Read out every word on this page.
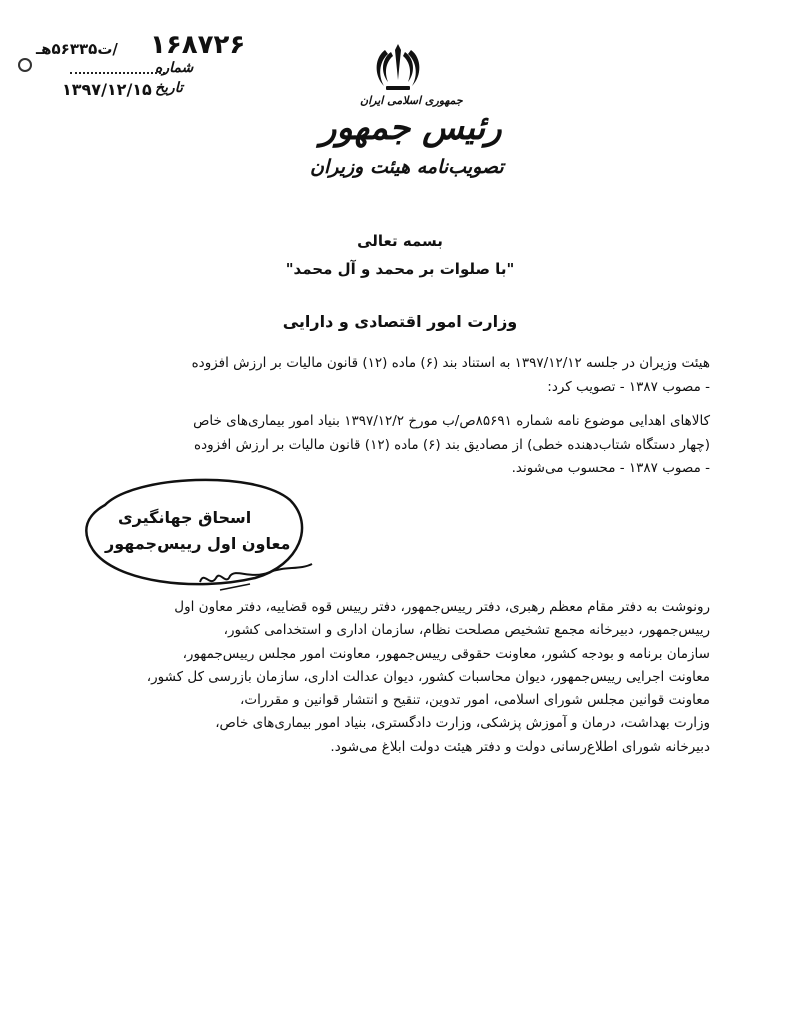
۱۶۸۷۲۶
/ت۵۶۳۳۵هـ
شماره
تاریخ
۱۳۹۷/۱۲/۱۵
جمهوری اسلامی ایران
رئیس جمهور
تصویب‌نامه هیئت وزیران
بسمه تعالی
"با صلوات بر محمد و آل محمد"
وزارت امور اقتصادی و دارایی
هیئت وزیران در جلسه ۱۳۹۷/۱۲/۱۲ به استناد بند (۶) ماده (۱۲) قانون مالیات بر ارزش افزوده
- مصوب ۱۳۸۷ - تصویب کرد:
کالاهای اهدایی موضوع نامه شماره ۸۵۶۹۱ص/ب مورخ ۱۳۹۷/۱۲/۲ بنیاد امور بیماری‌های خاص
(چهار دستگاه شتاب‌دهنده خطی) از مصادیق بند (۶) ماده (۱۲) قانون مالیات بر ارزش افزوده
- مصوب ۱۳۸۷ - محسوب می‌شوند.
اسحاق جهانگیری
معاون اول رییس‌جمهور
رونوشت به دفتر مقام معظم رهبری، دفتر رییس‌جمهور، دفتر رییس قوه قضاییه، دفتر معاون اول
رییس‌جمهور، دبیرخانه مجمع تشخیص مصلحت نظام، سازمان اداری و استخدامی کشور،
سازمان برنامه و بودجه کشور، معاونت حقوقی رییس‌جمهور، معاونت امور مجلس رییس‌جمهور،
معاونت اجرایی رییس‌جمهور، دیوان محاسبات کشور، دیوان عدالت اداری، سازمان بازرسی کل کشور،
معاونت قوانین مجلس شورای اسلامی، امور تدوین، تنقیح و انتشار قوانین و مقررات،
وزارت بهداشت، درمان و آموزش پزشکی، وزارت دادگستری، بنیاد امور بیماری‌های خاص،
دبیرخانه شورای اطلاع‌رسانی دولت و دفتر هیئت دولت ابلاغ می‌شود.
